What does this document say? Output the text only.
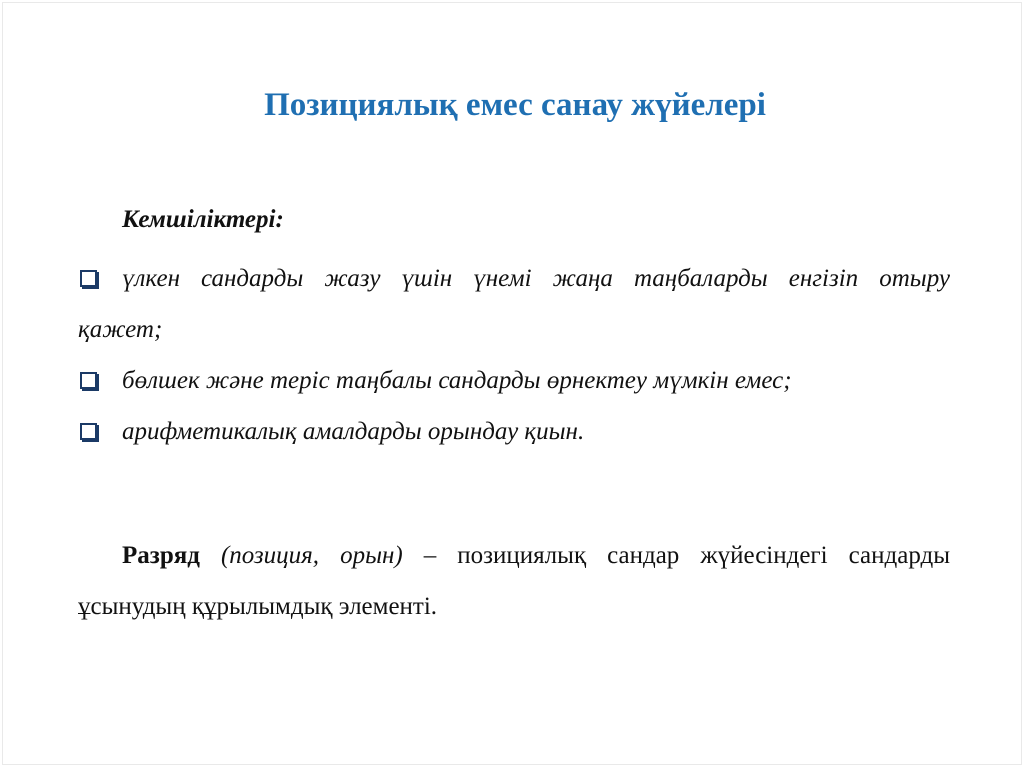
Позициялық емес санау жүйелері

Кемшіліктері:

үлкен сандарды жазу үшін үнемі жаңа таңбаларды енгізіп отыру
қажет;
бөлшек және теріс таңбалы сандарды өрнектеу мүмкін емес;
арифметикалық амалдарды орындау қиын.

Разряд (позиция, орын) – позициялық сандар жүйесіндегі сандарды
ұсынудың құрылымдық элементі.
